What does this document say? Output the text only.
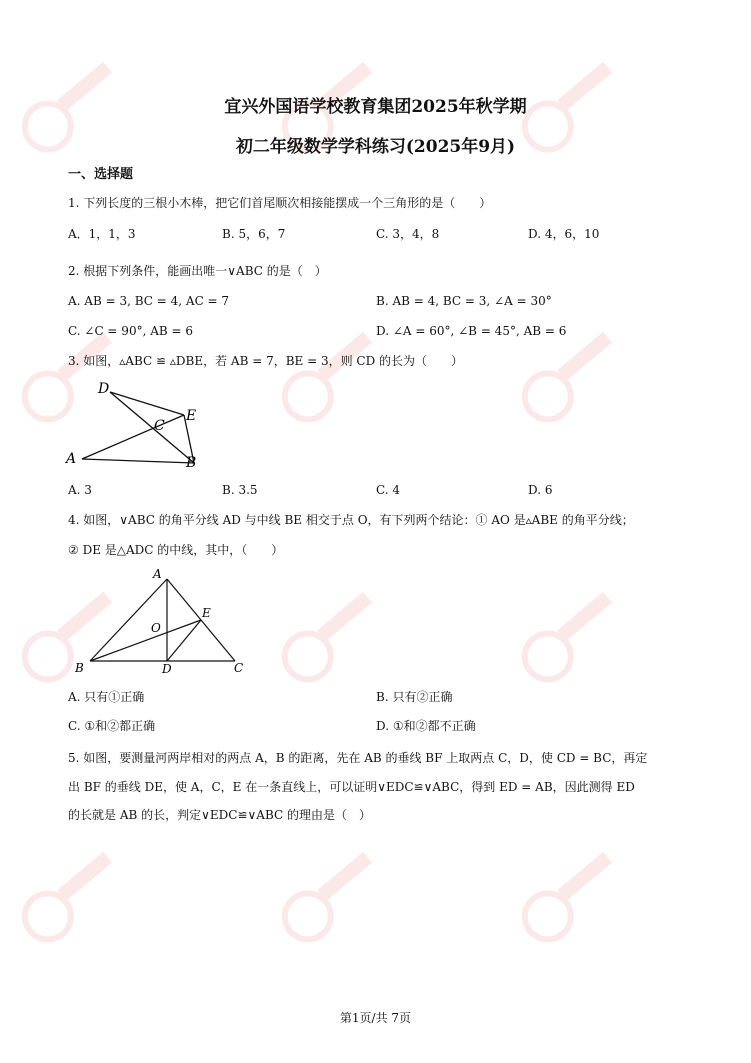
宜兴外国语学校教育集团2025年秋学期
初二年级数学学科练习(2025年9月)
一、选择题
1. 下列长度的三根小木棒，把它们首尾顺次相接能摆成一个三角形的是（　　）
A．1，1，3	B. 5，6，7	C. 3，4，8	D. 4，6，10
2. 根据下列条件，能画出唯一∨ABC 的是（　）
A. AB = 3, BC = 4, AC = 7	B. AB = 4, BC = 3, ∠A = 30°
C. ∠C = 90°, AB = 6	D. ∠A = 60°, ∠B = 45°, AB = 6
3. 如图，▵ABC ≌ ▵DBE，若 AB = 7，BE = 3，则 CD 的长为（　　）
D
E
C
A	B
A. 3	B. 3.5	C. 4	D. 6
4. 如图，∨ABC 的角平分线 AD 与中线 BE 相交于点 O，有下列两个结论：① AO 是▵ABE 的角平分线；
② DE 是△ADC 的中线，其中，（　　）
A
E
O
B	D	C
A. 只有①正确	B. 只有②正确
C. ①和②都正确	D. ①和②都不正确
5. 如图，要测量河两岸相对的两点 A，B 的距离，先在 AB 的垂线 BF 上取两点 C，D，使 CD = BC，再定
出 BF 的垂线 DE，使 A，C，E 在一条直线上，可以证明∨EDC≌∨ABC，得到 ED = AB，因此测得 ED
的长就是 AB 的长，判定∨EDC≌∨ABC 的理由是（　）
第1页/共 7页
